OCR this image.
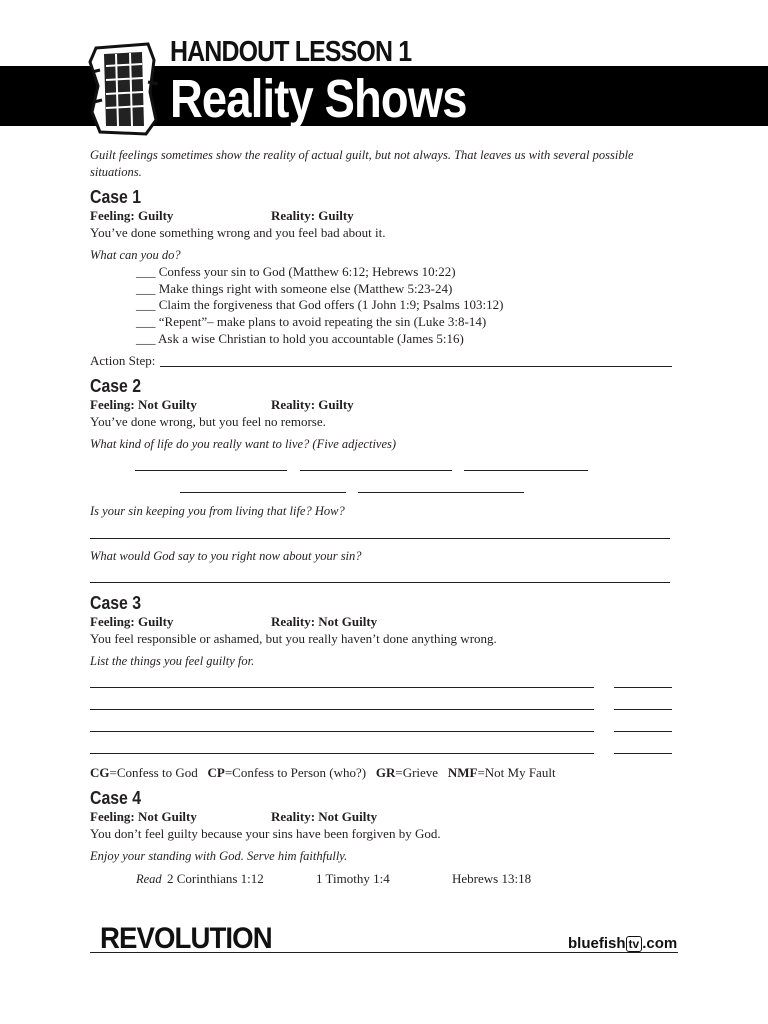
HANDOUT LESSON 1
Reality Shows
Guilt feelings sometimes show the reality of actual guilt, but not always. That leaves us with several possible situations.
Case 1
Feeling: Guilty	Reality: Guilty
You’ve done something wrong and you feel bad about it.
What can you do?
___ Confess your sin to God (Matthew 6:12; Hebrews 10:22)
___ Make things right with someone else (Matthew 5:23-24)
___ Claim the forgiveness that God offers (1 John 1:9; Psalms 103:12)
___ “Repent”– make plans to avoid repeating the sin (Luke 3:8-14)
___ Ask a wise Christian to hold you accountable (James 5:16)
Action Step:
Case 2
Feeling: Not Guilty	Reality: Guilty
You’ve done wrong, but you feel no remorse.
What kind of life do you really want to live? (Five adjectives)
Is your sin keeping you from living that life? How?
What would God say to you right now about your sin?
Case 3
Feeling: Guilty	Reality: Not Guilty
You feel responsible or ashamed, but you really haven’t done anything wrong.
List the things you feel guilty for.
CG=Confess to God CP=Confess to Person (who?) GR=Grieve NMF=Not My Fault
Case 4
Feeling: Not Guilty	Reality: Not Guilty
You don’t feel guilty because your sins have been forgiven by God.
Enjoy your standing with God. Serve him faithfully.
Read 2 Corinthians 1:12	1 Timothy 1:4	Hebrews 13:18
REVOLUTION	bluefish tv .com
